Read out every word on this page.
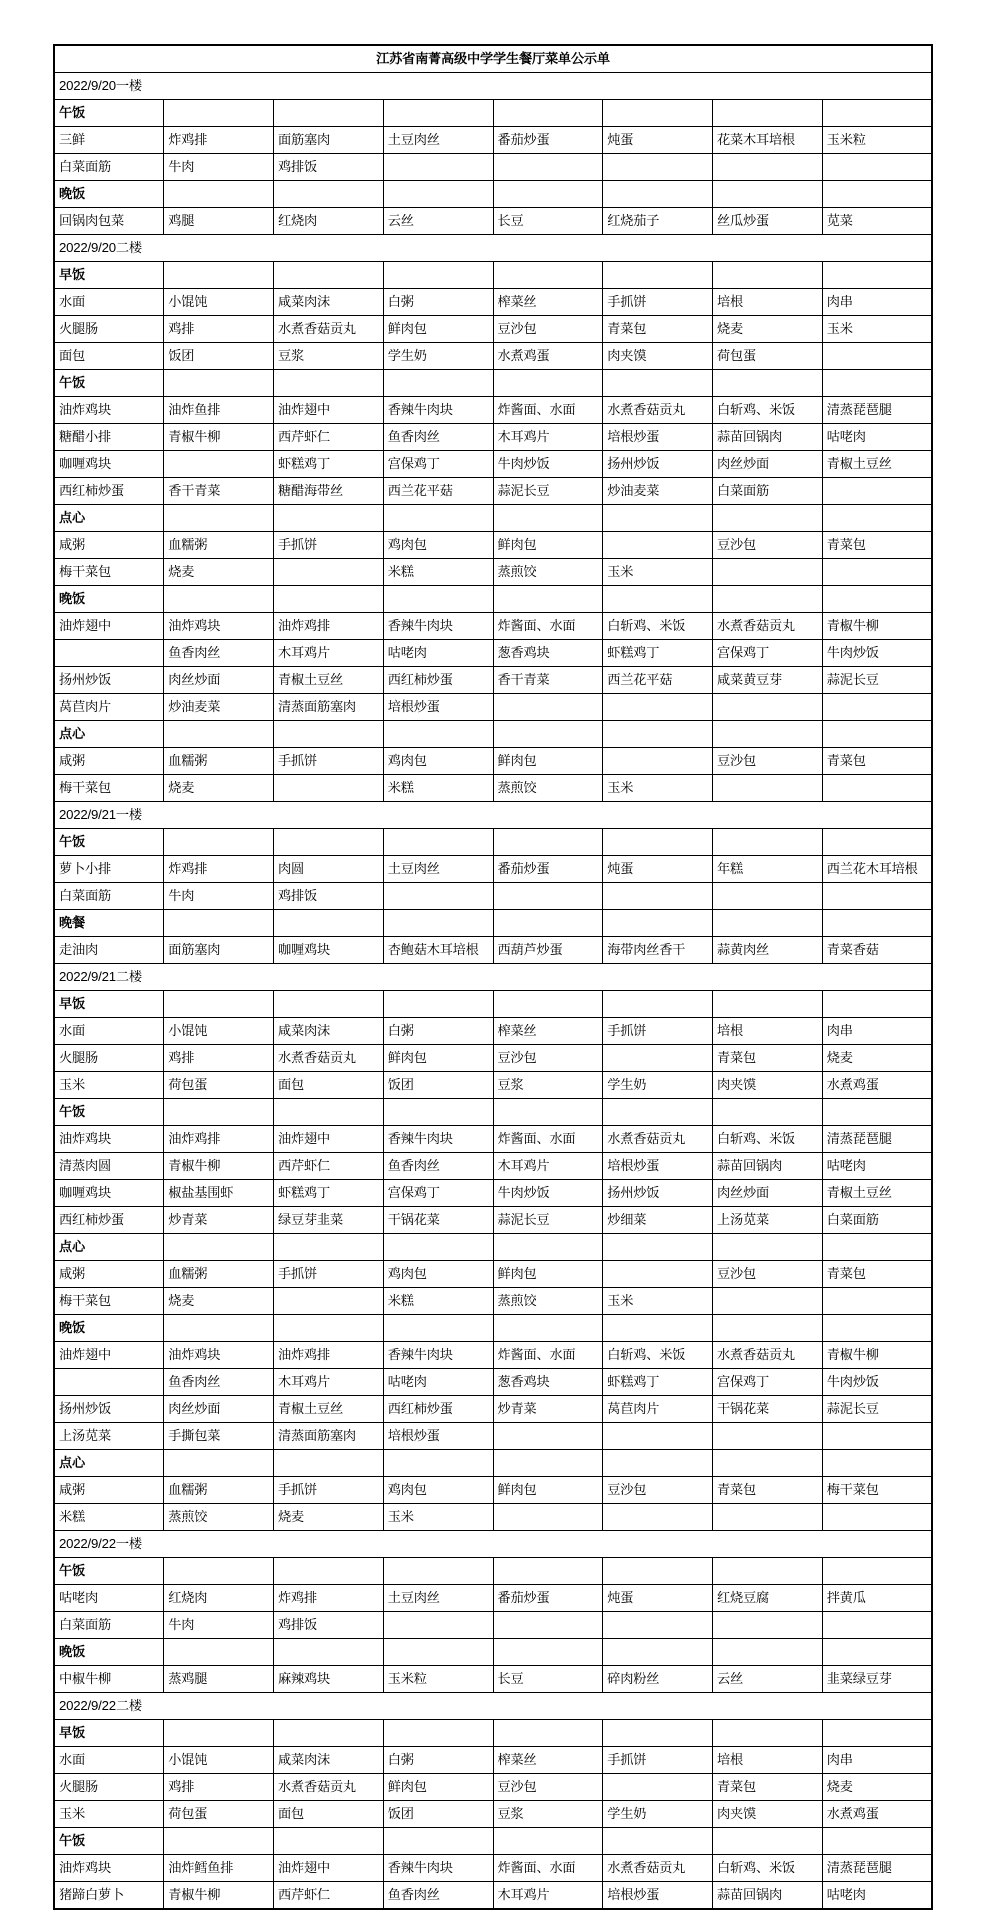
江苏省南菁高级中学学生餐厅菜单公示单							
2022/9/20一楼							
午饭							
三鲜	炸鸡排	面筋塞肉	土豆肉丝	番茄炒蛋	炖蛋	花菜木耳培根	玉米粒
白菜面筋	牛肉	鸡排饭					
晚饭							
回锅肉包菜	鸡腿	红烧肉	云丝	长豆	红烧茄子	丝瓜炒蛋	苋菜
2022/9/20二楼							
早饭							
水面	小馄饨	咸菜肉沫	白粥	榨菜丝	手抓饼	培根	肉串
火腿肠	鸡排	水煮香菇贡丸	鲜肉包	豆沙包	青菜包	烧麦	玉米
面包	饭团	豆浆	学生奶	水煮鸡蛋	肉夹馍	荷包蛋	
午饭							
油炸鸡块	油炸鱼排	油炸翅中	香辣牛肉块	炸酱面、水面	水煮香菇贡丸	白斩鸡、米饭	清蒸琵琶腿
糖醋小排	青椒牛柳	西芹虾仁	鱼香肉丝	木耳鸡片	培根炒蛋	蒜苗回锅肉	咕咾肉
咖喱鸡块		虾糕鸡丁	宫保鸡丁	牛肉炒饭	扬州炒饭	肉丝炒面	青椒土豆丝
西红柿炒蛋	香干青菜	糖醋海带丝	西兰花平菇	蒜泥长豆	炒油麦菜	白菜面筋	
点心							
咸粥	血糯粥	手抓饼	鸡肉包	鲜肉包		豆沙包	青菜包
梅干菜包	烧麦		米糕	蒸煎饺	玉米		
晚饭							
油炸翅中	油炸鸡块	油炸鸡排	香辣牛肉块	炸酱面、水面	白斩鸡、米饭	水煮香菇贡丸	青椒牛柳
	鱼香肉丝	木耳鸡片	咕咾肉	葱香鸡块	虾糕鸡丁	宫保鸡丁	牛肉炒饭
扬州炒饭	肉丝炒面	青椒土豆丝	西红柿炒蛋	香干青菜	西兰花平菇	咸菜黄豆芽	蒜泥长豆
莴苣肉片	炒油麦菜	清蒸面筋塞肉	培根炒蛋				
点心							
咸粥	血糯粥	手抓饼	鸡肉包	鲜肉包		豆沙包	青菜包
梅干菜包	烧麦		米糕	蒸煎饺	玉米		
2022/9/21一楼							
午饭							
萝卜小排	炸鸡排	肉圆	土豆肉丝	番茄炒蛋	炖蛋	年糕	西兰花木耳培根
白菜面筋	牛肉	鸡排饭					
晚餐							
走油肉	面筋塞肉	咖喱鸡块	杏鲍菇木耳培根	西葫芦炒蛋	海带肉丝香干	蒜黄肉丝	青菜香菇
2022/9/21二楼							
早饭							
水面	小馄饨	咸菜肉沫	白粥	榨菜丝	手抓饼	培根	肉串
火腿肠	鸡排	水煮香菇贡丸	鲜肉包	豆沙包		青菜包	烧麦
玉米	荷包蛋	面包	饭团	豆浆	学生奶	肉夹馍	水煮鸡蛋
午饭							
油炸鸡块	油炸鸡排	油炸翅中	香辣牛肉块	炸酱面、水面	水煮香菇贡丸	白斩鸡、米饭	清蒸琵琶腿
清蒸肉圆	青椒牛柳	西芹虾仁	鱼香肉丝	木耳鸡片	培根炒蛋	蒜苗回锅肉	咕咾肉
咖喱鸡块	椒盐基围虾	虾糕鸡丁	宫保鸡丁	牛肉炒饭	扬州炒饭	肉丝炒面	青椒土豆丝
西红柿炒蛋	炒青菜	绿豆芽韭菜	干锅花菜	蒜泥长豆	炒细菜	上汤苋菜	白菜面筋
点心							
咸粥	血糯粥	手抓饼	鸡肉包	鲜肉包		豆沙包	青菜包
梅干菜包	烧麦		米糕	蒸煎饺	玉米		
晚饭							
油炸翅中	油炸鸡块	油炸鸡排	香辣牛肉块	炸酱面、水面	白斩鸡、米饭	水煮香菇贡丸	青椒牛柳
	鱼香肉丝	木耳鸡片	咕咾肉	葱香鸡块	虾糕鸡丁	宫保鸡丁	牛肉炒饭
扬州炒饭	肉丝炒面	青椒土豆丝	西红柿炒蛋	炒青菜	莴苣肉片	干锅花菜	蒜泥长豆
上汤苋菜	手撕包菜	清蒸面筋塞肉	培根炒蛋				
点心							
咸粥	血糯粥	手抓饼	鸡肉包	鲜肉包	豆沙包	青菜包	梅干菜包
米糕	蒸煎饺	烧麦	玉米				
2022/9/22一楼							
午饭							
咕咾肉	红烧肉	炸鸡排	土豆肉丝	番茄炒蛋	炖蛋	红烧豆腐	拌黄瓜
白菜面筋	牛肉	鸡排饭					
晚饭							
中椒牛柳	蒸鸡腿	麻辣鸡块	玉米粒	长豆	碎肉粉丝	云丝	韭菜绿豆芽
2022/9/22二楼							
早饭							
水面	小馄饨	咸菜肉沫	白粥	榨菜丝	手抓饼	培根	肉串
火腿肠	鸡排	水煮香菇贡丸	鲜肉包	豆沙包		青菜包	烧麦
玉米	荷包蛋	面包	饭团	豆浆	学生奶	肉夹馍	水煮鸡蛋
午饭							
油炸鸡块	油炸鳕鱼排	油炸翅中	香辣牛肉块	炸酱面、水面	水煮香菇贡丸	白斩鸡、米饭	清蒸琵琶腿
猪蹄白萝卜	青椒牛柳	西芹虾仁	鱼香肉丝	木耳鸡片	培根炒蛋	蒜苗回锅肉	咕咾肉
